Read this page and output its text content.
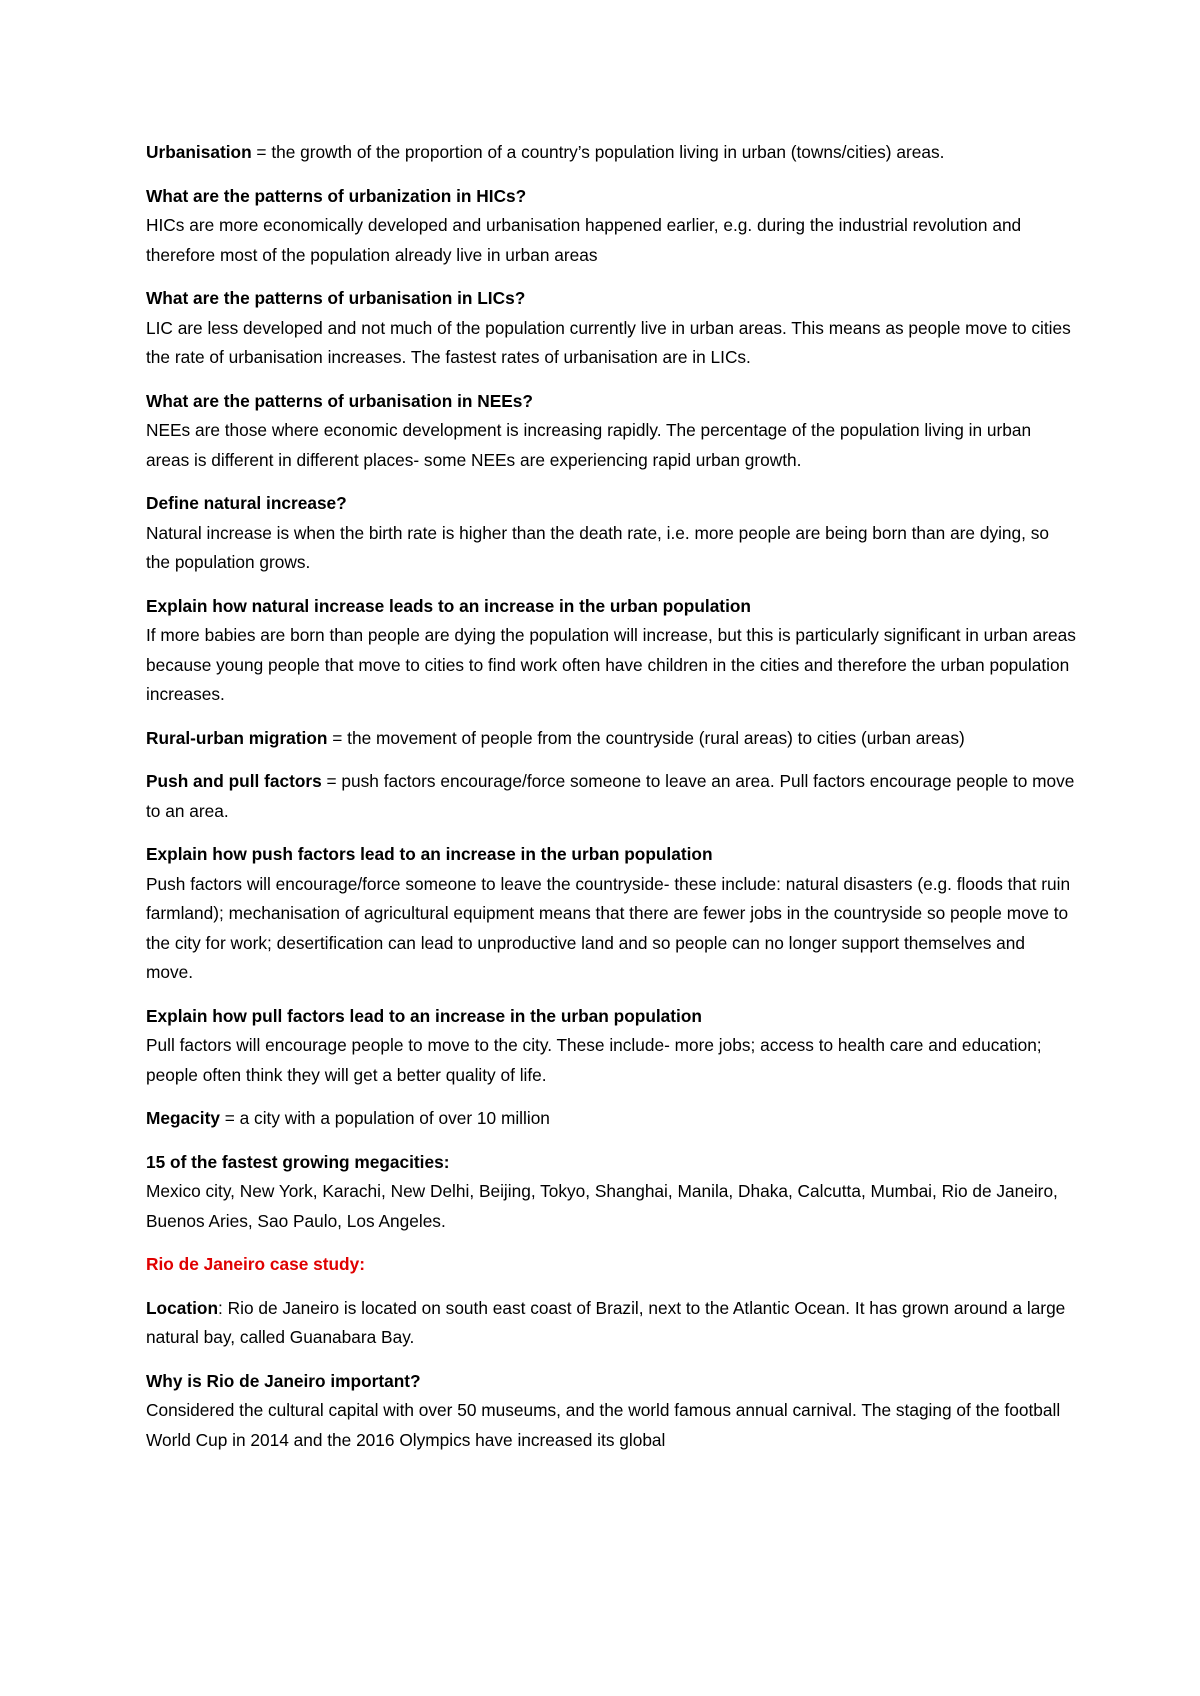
Urbanisation = the growth of the proportion of a country’s population living in urban (towns/cities) areas.

What are the patterns of urbanization in HICs?
HICs are more economically developed and urbanisation happened earlier, e.g. during the industrial revolution and therefore most of the population already live in urban areas
What are the patterns of urbanisation in LICs?
LIC are less developed and not much of the population currently live in urban areas. This means as people move to cities the rate of urbanisation increases. The fastest rates of urbanisation are in LICs.
What are the patterns of urbanisation in NEEs?
NEEs are those where economic development is increasing rapidly. The percentage of the population living in urban areas is different in different places- some NEEs are experiencing rapid urban growth.
Define natural increase?
Natural increase is when the birth rate is higher than the death rate, i.e. more people are being born than are dying, so the population grows.
Explain how natural increase leads to an increase in the urban population
If more babies are born than people are dying the population will increase, but this is particularly significant in urban areas because young people that move to cities to find work often have children in the cities and therefore the urban population increases.

Rural-urban migration = the movement of people from the countryside (rural areas) to cities (urban areas)

Push and pull factors = push factors encourage/force someone to leave an area. Pull factors encourage people to move to an area.

Explain how push factors lead to an increase in the urban population
Push factors will encourage/force someone to leave the countryside- these include: natural disasters (e.g. floods that ruin farmland); mechanisation of agricultural equipment means that there are fewer jobs in the countryside so people move to the city for work; desertification can lead to unproductive land and so people can no longer support themselves and move.
Explain how pull factors lead to an increase in the urban population
Pull factors will encourage people to move to the city. These include- more jobs; access to health care and education; people often think they will get a better quality of life.

Megacity = a city with a population of over 10 million

15 of the fastest growing megacities:
Mexico city, New York, Karachi, New Delhi, Beijing, Tokyo, Shanghai, Manila, Dhaka, Calcutta, Mumbai, Rio de Janeiro, Buenos Aries, Sao Paulo, Los Angeles.

Rio de Janeiro case study:

Location: Rio de Janeiro is located on south east coast of Brazil, next to the Atlantic Ocean. It has grown around a large natural bay, called Guanabara Bay.

Why is Rio de Janeiro important?
Considered the cultural capital with over 50 museums, and the world famous annual carnival. The staging of the football World Cup in 2014 and the 2016 Olympics have increased its global
